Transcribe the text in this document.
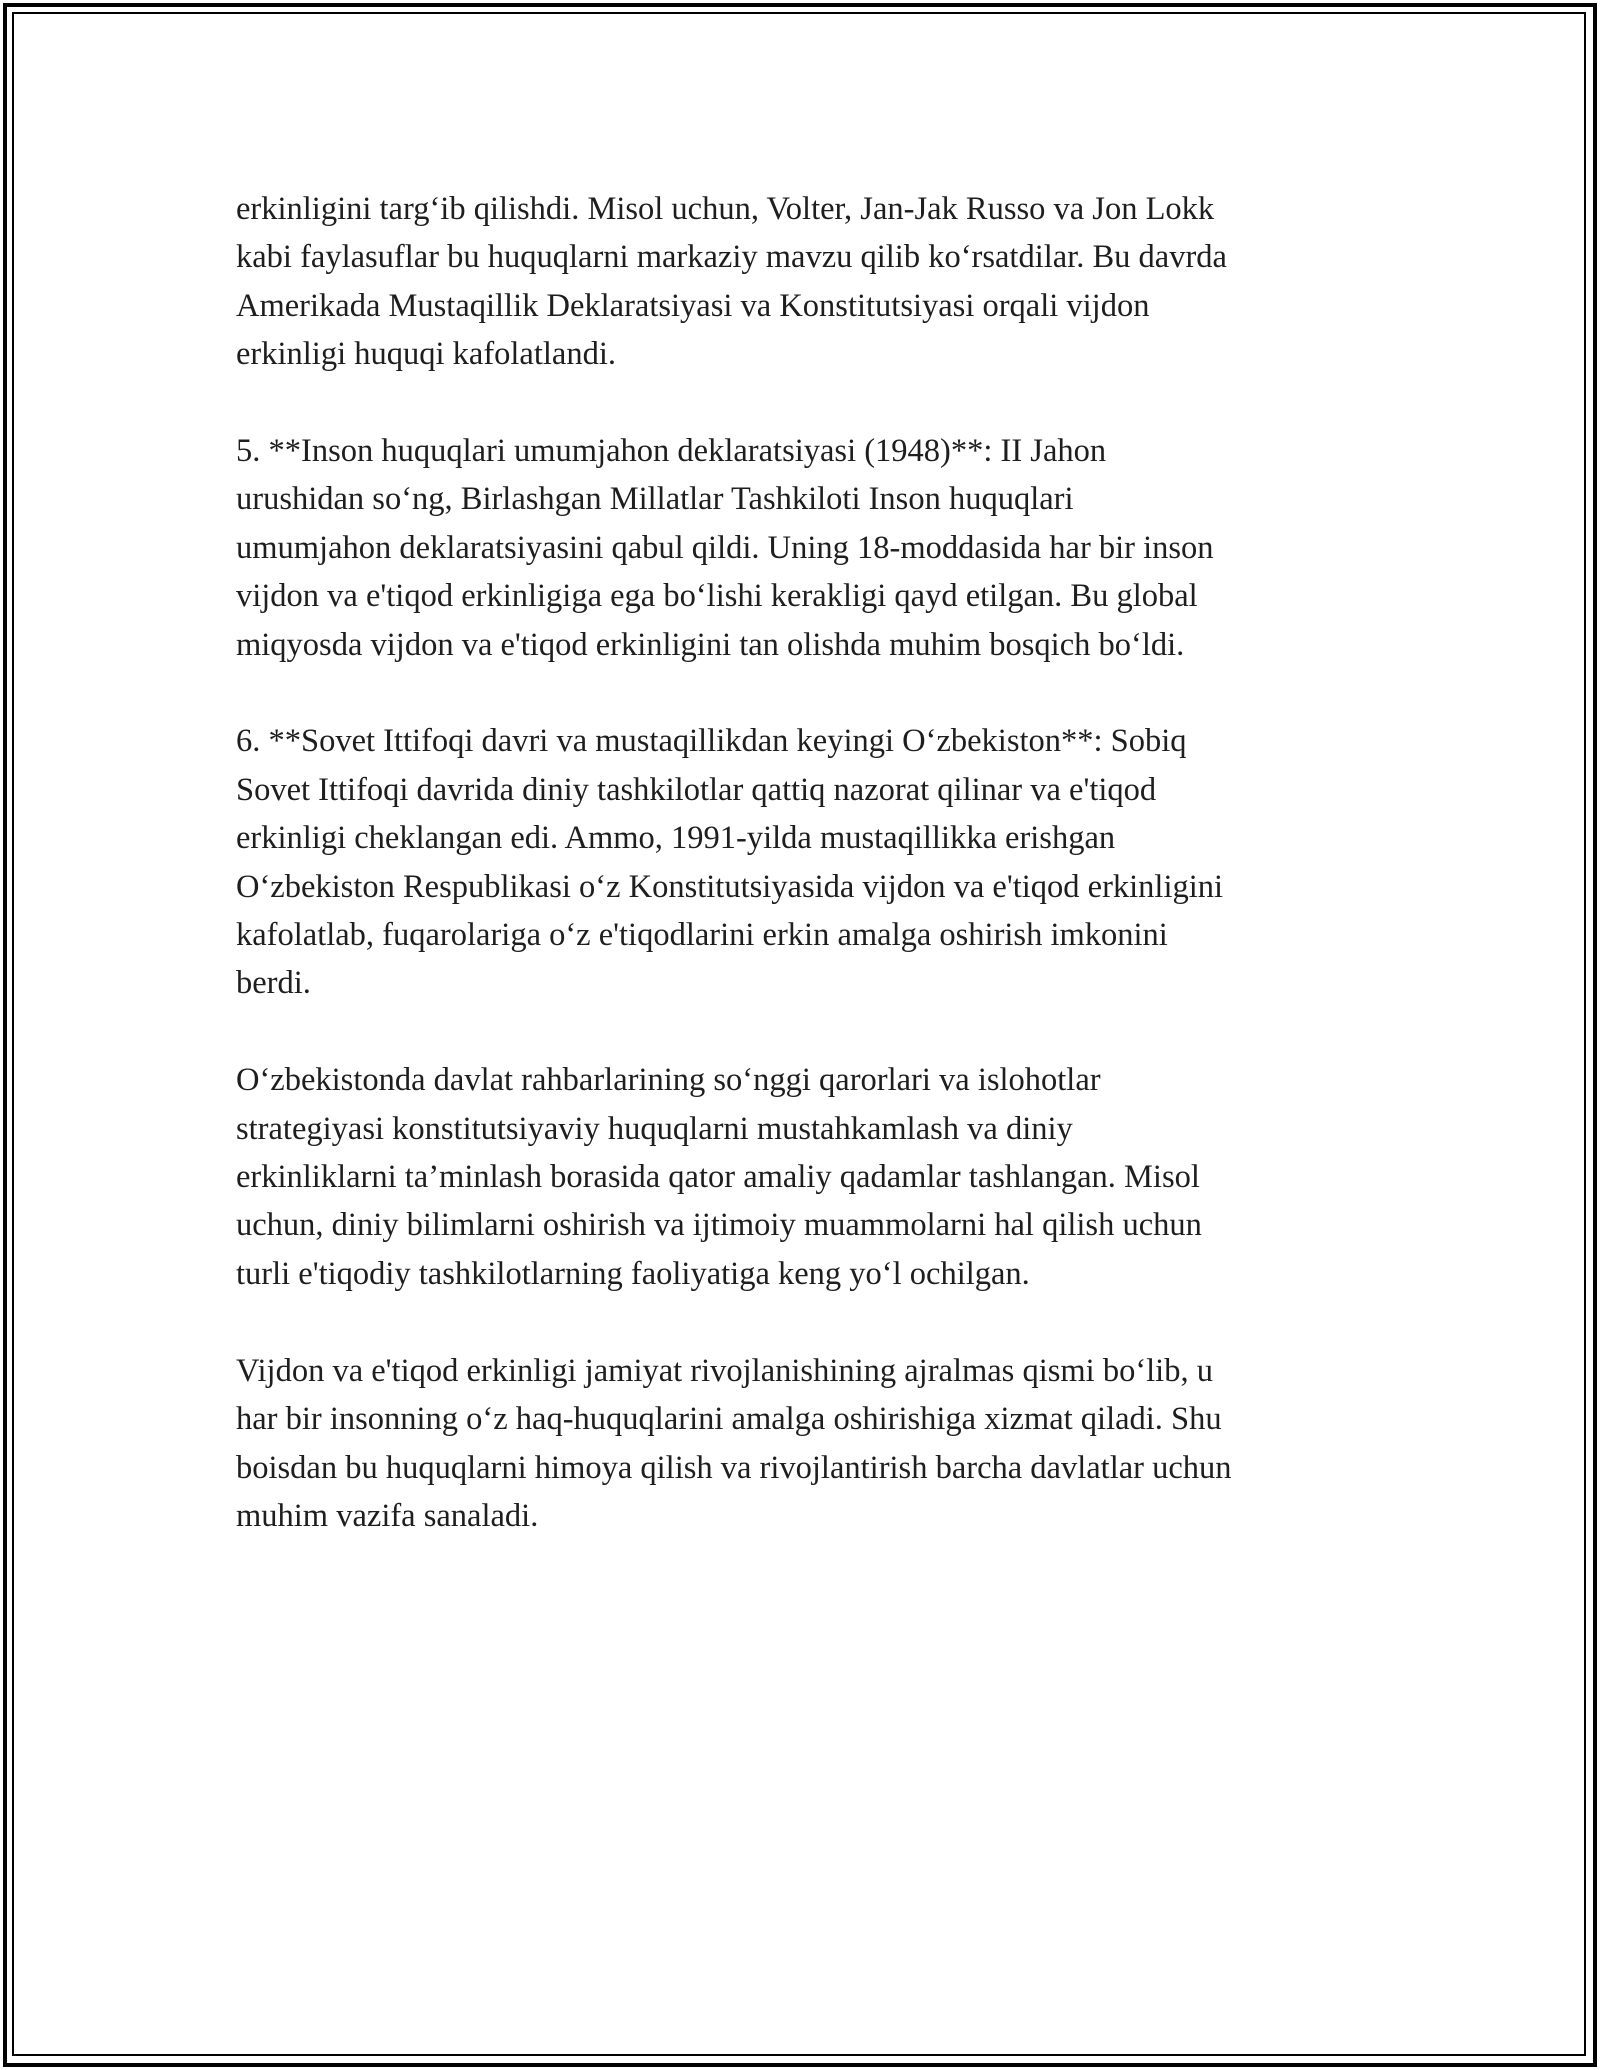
erkinligini targ‘ib qilishdi. Misol uchun, Volter, Jan-Jak Russo va Jon Lokk
kabi faylasuflar bu huquqlarni markaziy mavzu qilib ko‘rsatdilar. Bu davrda
Amerikada Mustaqillik Deklaratsiyasi va Konstitutsiyasi orqali vijdon
erkinligi huquqi kafolatlandi.

5. **Inson huquqlari umumjahon deklaratsiyasi (1948)**: II Jahon
urushidan so‘ng, Birlashgan Millatlar Tashkiloti Inson huquqlari
umumjahon deklaratsiyasini qabul qildi. Uning 18-moddasida har bir inson
vijdon va e'tiqod erkinligiga ega bo‘lishi kerakligi qayd etilgan. Bu global
miqyosda vijdon va e'tiqod erkinligini tan olishda muhim bosqich bo‘ldi.

6. **Sovet Ittifoqi davri va mustaqillikdan keyingi O‘zbekiston**: Sobiq
Sovet Ittifoqi davrida diniy tashkilotlar qattiq nazorat qilinar va e'tiqod
erkinligi cheklangan edi. Ammo, 1991-yilda mustaqillikka erishgan
O‘zbekiston Respublikasi o‘z Konstitutsiyasida vijdon va e'tiqod erkinligini
kafolatlab, fuqarolariga o‘z e'tiqodlarini erkin amalga oshirish imkonini
berdi.

O‘zbekistonda davlat rahbarlarining so‘nggi qarorlari va islohotlar
strategiyasi konstitutsiyaviy huquqlarni mustahkamlash va diniy
erkinliklarni ta’minlash borasida qator amaliy qadamlar tashlangan. Misol
uchun, diniy bilimlarni oshirish va ijtimoiy muammolarni hal qilish uchun
turli e'tiqodiy tashkilotlarning faoliyatiga keng yo‘l ochilgan.

Vijdon va e'tiqod erkinligi jamiyat rivojlanishining ajralmas qismi bo‘lib, u
har bir insonning o‘z haq-huquqlarini amalga oshirishiga xizmat qiladi. Shu
boisdan bu huquqlarni himoya qilish va rivojlantirish barcha davlatlar uchun
muhim vazifa sanaladi.
